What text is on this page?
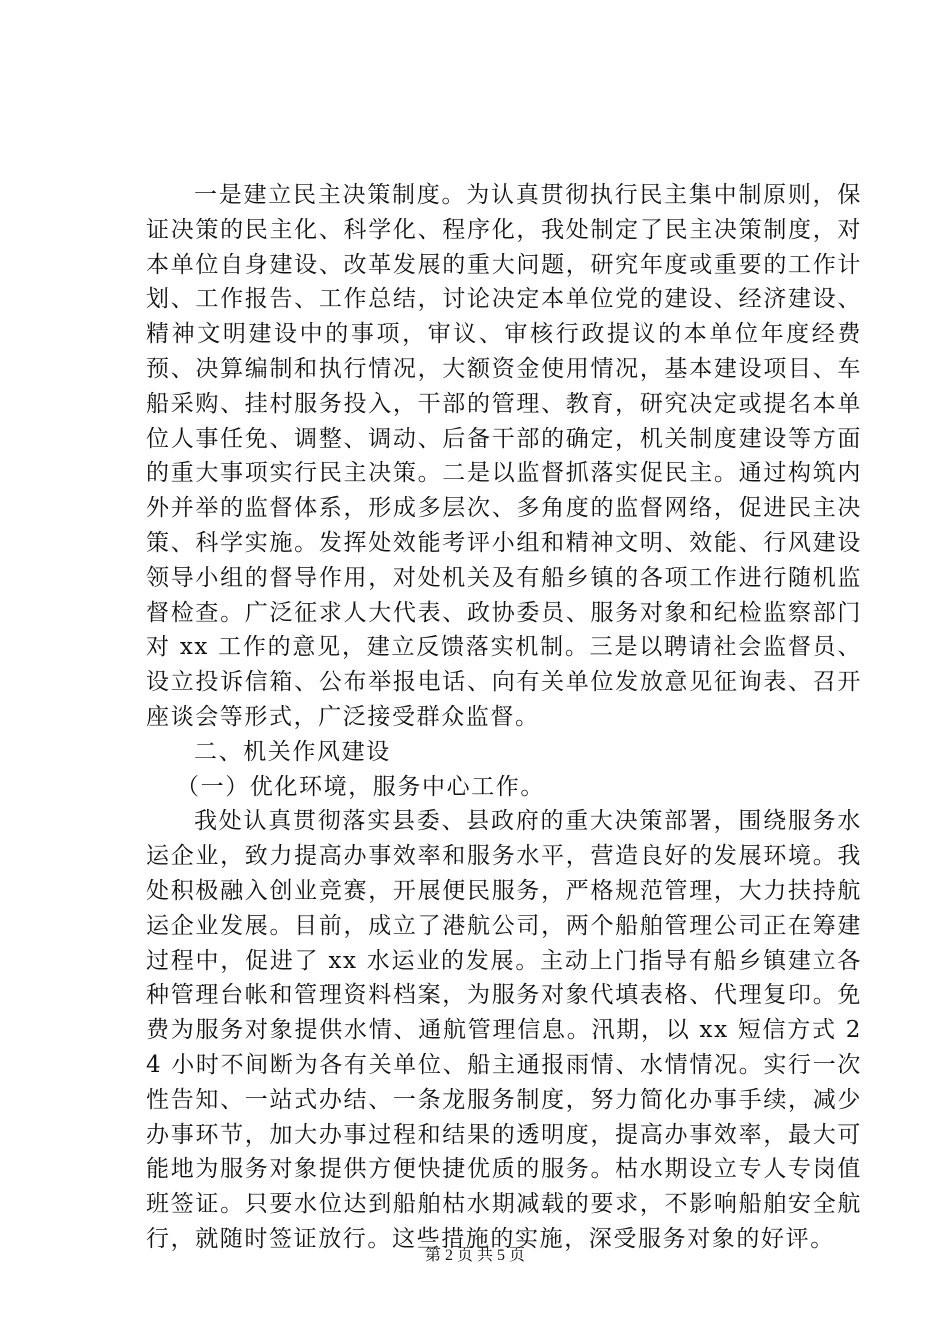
一是建立民主决策制度。为认真贯彻执行民主集中制原则，保证决策的民主化、科学化、程序化，我处制定了民主决策制度，对本单位自身建设、改革发展的重大问题，研究年度或重要的工作计划、工作报告、工作总结，讨论决定本单位党的建设、经济建设、精神文明建设中的事项，审议、审核行政提议的本单位年度经费预、决算编制和执行情况，大额资金使用情况，基本建设项目、车船采购、挂村服务投入，干部的管理、教育，研究决定或提名本单位人事任免、调整、调动、后备干部的确定，机关制度建设等方面的重大事项实行民主决策。二是以监督抓落实促民主。通过构筑内外并举的监督体系，形成多层次、多角度的监督网络，促进民主决策、科学实施。发挥处效能考评小组和精神文明、效能、行风建设领导小组的督导作用，对处机关及有船乡镇的各项工作进行随机监督检查。广泛征求人大代表、政协委员、服务对象和纪检监察部门对 xx 工作的意见，建立反馈落实机制。三是以聘请社会监督员、设立投诉信箱、公布举报电话、向有关单位发放意见征询表、召开座谈会等形式，广泛接受群众监督。

二、机关作风建设

（一）优化环境，服务中心工作。

我处认真贯彻落实县委、县政府的重大决策部署，围绕服务水运企业，致力提高办事效率和服务水平，营造良好的发展环境。我处积极融入创业竞赛，开展便民服务，严格规范管理，大力扶持航运企业发展。目前，成立了港航公司，两个船舶管理公司正在筹建过程中，促进了 xx 水运业的发展。主动上门指导有船乡镇建立各种管理台帐和管理资料档案，为服务对象代填表格、代理复印。免费为服务对象提供水情、通航管理信息。汛期，以 xx 短信方式 24 小时不间断为各有关单位、船主通报雨情、水情情况。实行一次性告知、一站式办结、一条龙服务制度，努力简化办事手续，减少办事环节，加大办事过程和结果的透明度，提高办事效率，最大可能地为服务对象提供方便快捷优质的服务。枯水期设立专人专岗值班签证。只要水位达到船舶枯水期减载的要求，不影响船舶安全航行，就随时签证放行。这些措施的实施，深受服务对象的好评。

第 2 页 共 5 页
